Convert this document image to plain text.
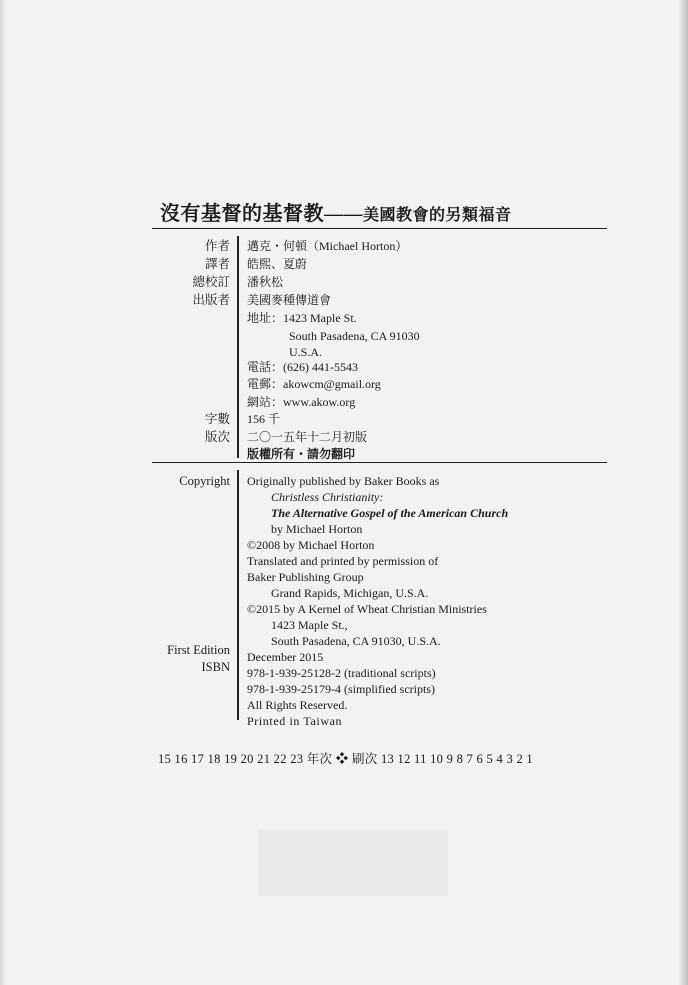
沒有基督的基督教——美國教會的另類福音
作者 邁克・何頓（Michael Horton）
譯者 皓熙、夏蔚
總校訂 潘秋松
出版者 美國麥種傳道會
地址：1423 Maple St.
South Pasadena, CA 91030
U.S.A.
電話：(626) 441-5543
電郵：akowcm@gmail.org
網站：www.akow.org
字數 156 千
版次 二〇一五年十二月初版
版權所有・請勿翻印
Copyright Originally published by Baker Books as
Christless Christianity:
The Alternative Gospel of the American Church
by Michael Horton
©2008 by Michael Horton
Translated and printed by permission of
Baker Publishing Group
Grand Rapids, Michigan, U.S.A.
©2015 by A Kernel of Wheat Christian Ministries
1423 Maple St.,
South Pasadena, CA 91030, U.S.A.
First Edition December 2015
ISBN 978-1-939-25128-2 (traditional scripts)
978-1-939-25179-4 (simplified scripts)
All Rights Reserved.
Printed in Taiwan
15 16 17 18 19 20 21 22 23 年次 ❖ 刷次 13 12 11 10 9 8 7 6 5 4 3 2 1
